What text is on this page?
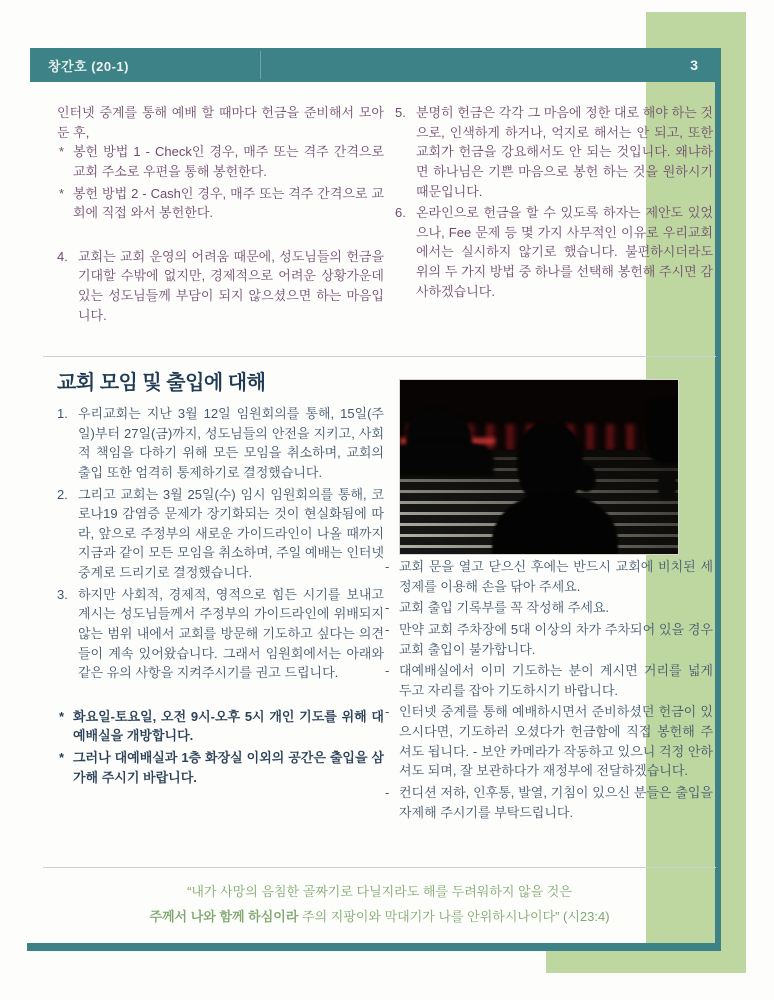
창간호 (20-1)	3
인터넷 중계를 통해 예배 할 때마다 헌금을 준비해서 모아 둔 후,
* 봉헌 방법 1 - Check인 경우, 매주 또는 격주 간격으로 교회 주소로 우편을 통해 봉헌한다.
* 봉헌 방법 2 - Cash인 경우, 매주 또는 격주 간격으로 교회에 직접 와서 봉헌한다.
4. 교회는 교회 운영의 어려움 때문에, 성도님들의 헌금을 기대할 수밖에 없지만, 경제적으로 어려운 상황가운데 있는 성도님들께 부담이 되지 않으셨으면 하는 마음입니다.
5. 분명히 헌금은 각각 그 마음에 정한 대로 해야 하는 것으로, 인색하게 하거나, 억지로 해서는 안 되고, 또한 교회가 헌금을 강요해서도 안 되는 것입니다. 왜냐하면 하나님은 기쁜 마음으로 봉헌 하는 것을 원하시기 때문입니다.
6. 온라인으로 헌금을 할 수 있도록 하자는 제안도 있었으나, Fee 문제 등 몇 가지 사무적인 이유로 우리교회에서는 실시하지 않기로 했습니다. 불편하시더라도 위의 두 가지 방법 중 하나를 선택해 봉헌해 주시면 감사하겠습니다.
교회 모임 및 출입에 대해
1. 우리교회는 지난 3월 12일 임원회의를 통해, 15일(주일)부터 27일(금)까지, 성도님들의 안전을 지키고, 사회적 책임을 다하기 위해 모든 모임을 취소하며, 교회의 출입 또한 엄격히 통제하기로 결정했습니다.
2. 그리고 교회는 3월 25일(수) 임시 임원회의를 통해, 코로나19 감염증 문제가 장기화되는 것이 현실화됨에 따라, 앞으로 주정부의 새로운 가이드라인이 나올 때까지 지금과 같이 모든 모임을 취소하며, 주일 예배는 인터넷 중계로 드리기로 결정했습니다.
3. 하지만 사회적, 경제적, 영적으로 힘든 시기를 보내고 계시는 성도님들께서 주정부의 가이드라인에 위배되지 않는 범위 내에서 교회를 방문해 기도하고 싶다는 의견들이 계속 있어왔습니다. 그래서 임원회에서는 아래와 같은 유의 사항을 지켜주시기를 권고 드립니다.
* 화요일-토요일, 오전 9시-오후 5시 개인 기도를 위해 대예배실을 개방합니다.
* 그러나 대예배실과 1층 화장실 이외의 공간은 출입을 삼가해 주시기 바랍니다.
- 교회 문을 열고 닫으신 후에는 반드시 교회에 비치된 세정제를 이용해 손을 닦아 주세요.
- 교회 출입 기록부를 꼭 작성해 주세요.
- 만약 교회 주차장에 5대 이상의 차가 주차되어 있을 경우 교회 출입이 불가합니다.
- 대예배실에서 이미 기도하는 분이 계시면 거리를 넓게 두고 자리를 잡아 기도하시기 바랍니다.
- 인터넷 중계를 통해 예배하시면서 준비하셨던 헌금이 있으시다면, 기도하러 오셨다가 헌금함에 직접 봉헌해 주셔도 됩니다. - 보안 카메라가 작동하고 있으니 걱정 안하셔도 되며, 잘 보관하다가 재정부에 전달하겠습니다.
- 컨디션 저하, 인후통, 발열, 기침이 있으신 분들은 출입을 자제해 주시기를 부탁드립니다.
“내가 사망의 음침한 골짜기로 다닐지라도 해를 두려워하지 않을 것은
주께서 나와 함께 하심이라 주의 지팡이와 막대기가 나를 안위하시나이다” (시23:4)
